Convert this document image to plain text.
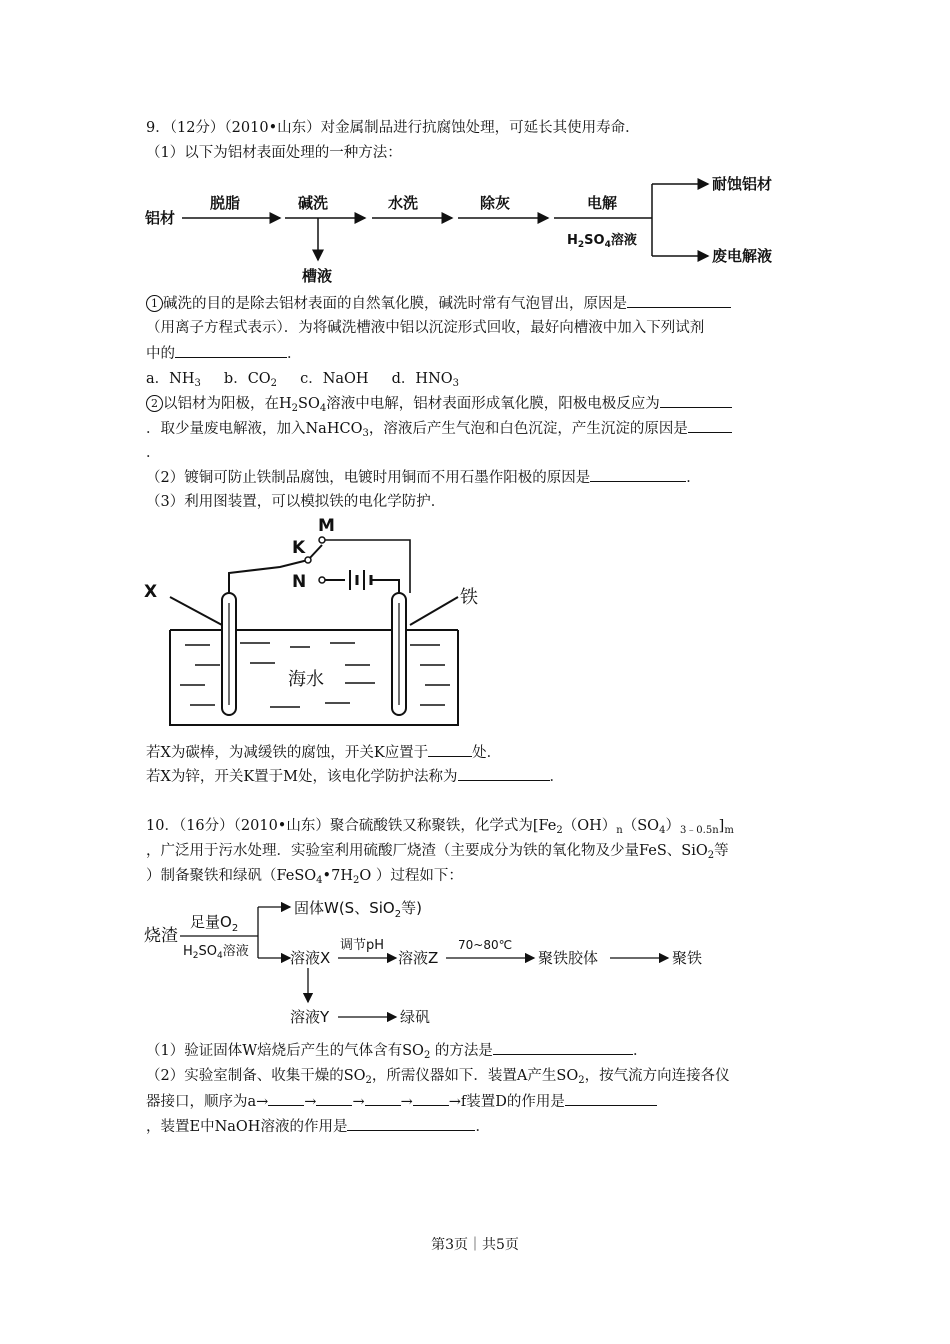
9．（12分）（2010•山东）对金属制品进行抗腐蚀处理，可延长其使用寿命．
（1）以下为铝材表面处理的一种方法：
铝材
脱脂	碱洗
槽液
水洗	除灰	电解
$H_2SO_4$溶液
耐蚀铝材
废电解液
1 碱洗的目的是除去铝材表面的自然氧化膜，碱洗时常有气泡冒出，原因是
（用离子方程式表示）．为将碱洗槽液中铝以沉淀形式回收，最好向槽液中加入下列试剂
中的	．
a．$NH_3$ b．$CO_2$ c．NaOH d．$HNO_3$
2 以铝材为阳极，在$H_2SO_4$溶液中电解，铝材表面形成氧化膜，阳极电极反应为
．取少量废电解液，加入NaHCO$_3$，溶液后产生气泡和白色沉淀，产生沉淀的原因是
．
（2）镀铜可防止铁制品腐蚀，电镀时用铜而不用石墨作阳极的原因是	．
（3）利用图装置，可以模拟铁的电化学防护．
M
K
N
X	铁
海水
若X为碳棒，为减缓铁的腐蚀，开关K应置于	处．
若X为锌，开关K置于M处，该电化学防护法称为	．
10．（16分）（2010•山东）聚合硫酸铁又称聚铁，化学式为$[Fe_2(OH)_n(SO_4)_{3﹣0.5n}]_m$
，广泛用于污水处理．实验室利用硫酸厂烧渣（主要成分为铁的氧化物及少量FeS、SiO$_2$等
）制备聚铁和绿矾（$FeSO_4•7H_2O$ ）过程如下：
烧渣
足量$O_2$
$H_2SO_4$溶液
固体W(S、SiO$_2$等)
溶液X
调节pH
溶液Z
70~80℃
聚铁胶体	聚铁
溶液Y	绿矾
（1）验证固体W焙烧后产生的气体含有$SO_2$ 的方法是	．
（2）实验室制备、收集干燥的$SO_2$，所需仪器如下．装置A产生$SO_2$，按气流方向连接各仪
器接口，顺序为a→ → → → →f装置D的作用是
，装置E中NaOH溶液的作用是	．
第3页｜共5页
